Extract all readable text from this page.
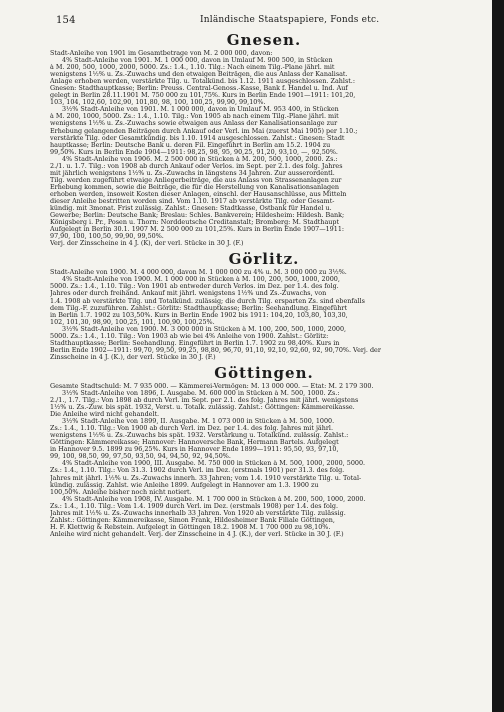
154	Inländische Staatspapiere, Fonds etc.
Gnesen.

Stadt-Anleihe von 1901 im Gesamtbetrage von M. 2 000 000, davon:

4% Stadt-Anleihe von 1901. M. 1 000 000, davon in Umlauf M. 900 500, in Stücken

à M. 200, 500, 1000, 2000, 5000. Zs.: 1.4., 1.10. Tilg.: Nach einem Tilg.-Plane jährl. mit

wenigstens 1½% u. Zs.-Zuwachs und den etwaigen Beiträgen, die aus Anlass der Kanalisat.

Anlage erhoben werden, verstärkte Tilg. u. Totalkünd. bis 1.12. 1911 ausgeschlossen. Zahlst.:

Gnesen: Stadthauptkasse; Berlin: Preuss. Central-Genoss.-Kasse, Bank f. Handel u. Ind. Auf

gelegt in Berlin 28.11.1901 M. 750 000 zu 101,75%. Kurs in Berlin Ende 1901—1911: 101,20,

103, 104, 102,60, 102,90, 101,80, 98, 100, 100,25, 99,90, 99,10%.

3½% Stadt-Anleihe von 1901. M. 1 000 000, davon in Umlauf M. 953 400, in Stücken

à M. 200, 1000, 5000. Zs.: 1.4., 1.10. Tilg.: Von 1905 ab nach einem Tilg.-Plane jährl. mit

wenigstens 1½% u. Zs.-Zuwachs sowie etwaigen aus Anlass der Kanalisationsanlage zur

Erhebung gelangenden Beiträgen durch Ankauf oder Verl. im Mai (zuerst Mai 1905) per 1.10.;

verstärkte Tilg. oder Gesamtkündig. bis 1.10. 1914 ausgeschlossen. Zahlst.: Gnesen: Stadt

hauptkasse; Berlin: Deutsche Bank u. deren Fil. Eingeführt in Berlin am 15.2. 1904 zu

99,50%. Kurs in Berlin Ende 1904—1911: 98,25, 98, 95, 90,25, 91,20, 93,10, —, 92,50%.

4% Stadt-Anleihe von 1906. M. 2 500 000 in Stücken à M. 200, 500, 1000, 2000. Zs.:

2./1. u. 1.7. Tilg.: von 1908 ab durch Ankauf oder Verlos. im Sept. per 2.1. des folg. Jahres

mit jährlich wenigstens 1½% u. Zs.-Zuwachs in längstens 34 Jahren. Zur ausserordentl.

Tilg. werden zugeführt etwaige Anliegerbeiträge, die aus Anlass von Strassenanlagen zur

Erhebung kommen, sowie die Beiträge, die für die Herstellung von Kanalisationsanlagen

erhoben werden, insoweit Kosten dieser Anlagen, einschl. der Hausanschlüsse, aus Mitteln

dieser Anleihe bestritten worden sind. Vom 1.10. 1917 ab verstärkte Tilg. oder Gesamt-

kündig. mit 3monat. Frist zulässig. Zahlst.: Gnesen: Stadtkasse, Ostbank für Handel u.

Gewerbe; Berlin: Deutsche Bank; Breslau: Schles. Bankverein; Hildesheim: Hildesh. Bank;

Königsberg i. Pr., Posen u. Thorn: Norddeutsche Creditanstalt; Bromberg: M. Stadthaupt

Aufgelegt in Berlin 30.1. 1907 M. 2 500 000 zu 101,25%. Kurs in Berlin Ende 1907—1911:

97,90, 100, 100,50, 99,90, 99,50%.

Verj. der Zinsscheine in 4 J. (K), der verl. Stücke in 30 J. (F.)

Görlitz.

Stadt-Anleihe von 1900. M. 4 000 000, davon M. 1 000 000 zu 4% u. M. 3 000 000 zu 3½%.

4% Stadt-Anleihe von 1900. M. 1 000 000 in Stücken à M. 100, 200, 500, 1000, 2000,

5000. Zs.: 1.4., 1.10. Tilg.: Von 1901 ab entweder durch Verlos. im Dez. per 1.4. des folg.

Jahres oder durch freihänd. Ankauf mit jährl. wenigstens 1½% und Zs.-Zuwachs, von

1.4. 1908 ab verstärkte Tilg. und Totalkünd. zulässig; die durch Tilg. ersparten Zs. sind ebenfalls

dem Tilg.-F. zuzuführen. Zahlst.: Görlitz: Stadthauptkasse; Berlin: Seehandlung. Eingeführt

in Berlin 1.7. 1902 zu 103,50%. Kurs in Berlin Ende 1902 bis 1911: 104,20, 103,80, 103,30,

102, 101,30, 98,90, 100,25, 101, 100,90, 100,25%.

3½% Stadt-Anleihe von 1900. M. 3 000 000 in Stücken à M. 100, 200, 500, 1000, 2000,

5000. Zs.: 1.4., 1.10. Tilg.: Von 1903 ab wie bei 4% Anleihe von 1900. Zahlst.: Görlitz:

Stadthauptkasse; Berlin: Seehandlung. Eingeführt in Berlin 1.7. 1902 zu 98,40%. Kurs in

Berlin Ende 1902—1911: 99,70, 99,50, 99,25, 98,80, 96,70, 91,10, 92,10, 92,60, 92, 90,70%. Verj. der

Zinsscheine in 4 J. (K.), der verl. Stücke in 30 J. (F.)

Göttingen.

Gesamte Stadtschuld: M. 7 935 000. — Kämmerei-Vermögen: M. 13 000 000. — Etat: M. 2 179 300.

3½% Stadt-Anleihe von 1896, I. Ausgabe. M. 600 000 in Stücken à M. 500, 1000. Zs.:

2./1., 1.7. Tilg.: Von 1898 ab durch Verl. im Sept. per 2.1. des folg. Jahres mit jährl. wenigstens

1½% u. Zs.-Zuw. bis spät. 1932, Verst. u. Totalk. zulässig. Zahlst.: Göttingen: Kämmereikasse.

Die Anleihe wird nicht gehandelt.

3½% Stadt-Anleihe von 1899, II. Ausgabe. M. 1 073 000 in Stücken à M. 500, 1000.

Zs.: 1.4., 1.10. Tilg.: Von 1900 ab durch Verl. im Dez. per 1.4. des folg. Jahres mit jährl.

wenigstens 1½% u. Zs.-Zuwachs bis spät. 1932. Verstärkung u. Totalkünd. zulässig. Zahlst.:

Göttingen: Kämmereikasse; Hannover: Hannoversche Bank, Hermann Bartels. Aufgelegt

in Hannover 9.5. 1899 zu 96,25%. Kurs in Hannover Ende 1899—1911: 95,50, 93, 97,10,

99, 100, 98,50, 99, 97,50, 93,50, 94, 94,50, 92, 94,50%.

4% Stadt-Anleihe von 1900, III. Ausgabe. M. 750 000 in Stücken à M. 500, 1000, 2000, 5000.

Zs.: 1.4., 1.10. Tilg.: Von 31.3. 1902 durch Verl. im Dez. (erstmals 1901) per 31.3. des folg.

Jahres mit jährl. 1½% u. Zs.-Zuwachs innerh. 33 Jahren; vom 1.4. 1910 verstärkte Tilg. u. Total-

kündig. zulässig. Zahlst. wie Anleihe 1899. Aufgelegt in Hannover am 1.3. 1900 zu

100,50%. Anleihe bisher noch nicht notiert.

4% Stadt-Anleihe von 1908, IV. Ausgabe. M. 1 700 000 in Stücken à M. 200, 500, 1000, 2000.

Zs.: 1.4., 1.10. Tilg.: Vom 1.4. 1909 durch Verl. im Dez. (erstmals 1908) per 1.4. des folg.

Jahres mit 1½% u. Zs.-Zuwachs innerhalb 33 Jahren. Von 1920 ab verstärkte Tilg. zulässig.

Zahlst.: Göttingen: Kämmereikasse, Simon Frank, Hildesheimer Bank Filiale Göttingen,

H. F. Klettwig & Rebstein. Aufgelegt in Göttingen 18.2. 1908 M. 1 700 000 zu 98,10%.

Anleihe wird nicht gehandelt. Verj. der Zinsscheine in 4 J. (K.), der verl. Stücke in 30 J. (F.)
